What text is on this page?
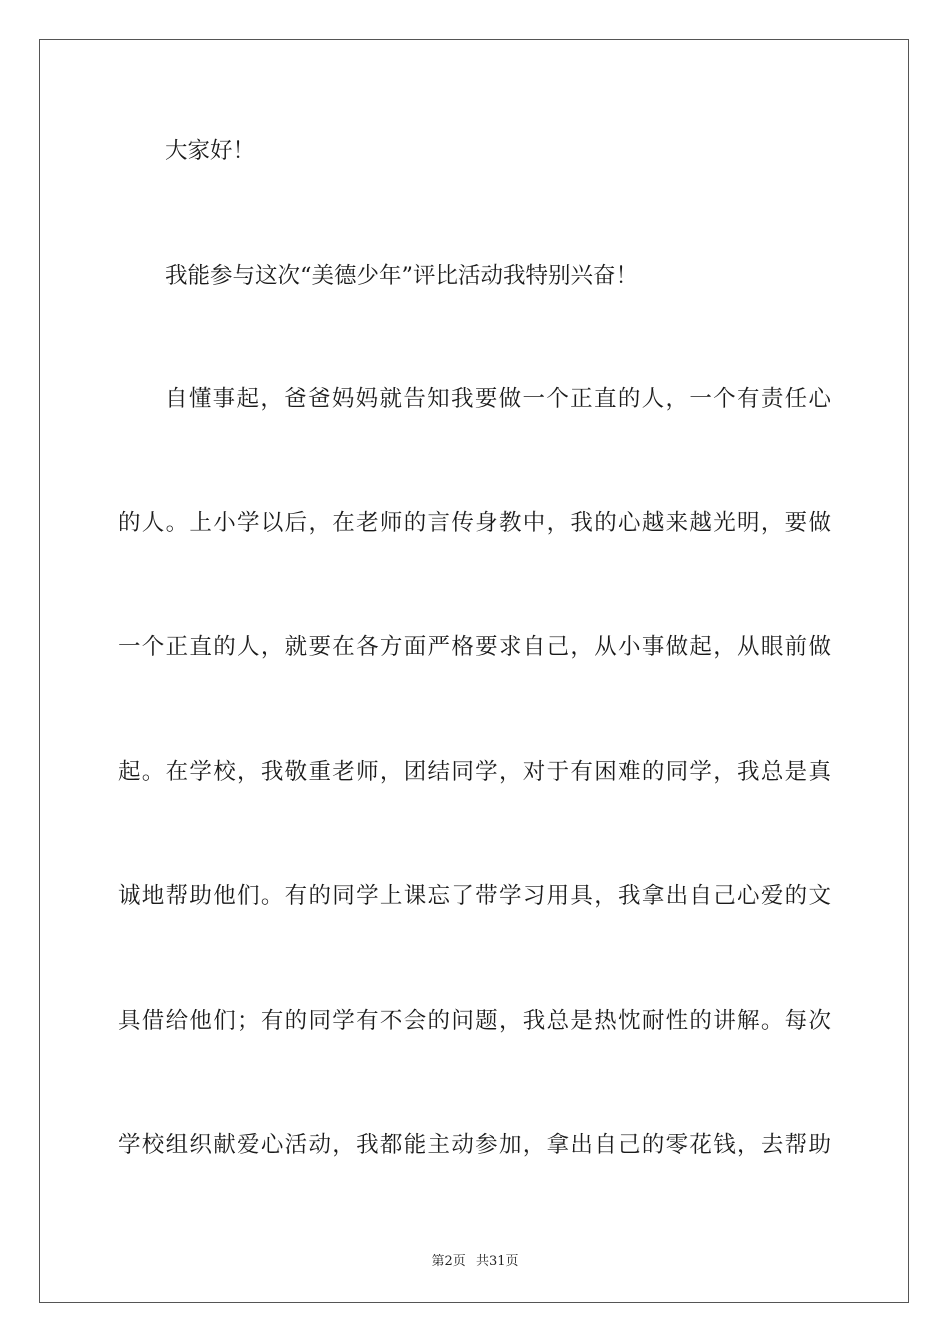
大家好！
我能参与这次“美德少年”评比活动我特别兴奋！
自懂事起，爸爸妈妈就告知我要做一个正直的人，一个有责任心
的人。上小学以后，在老师的言传身教中，我的心越来越光明，要做
一个正直的人，就要在各方面严格要求自己，从小事做起，从眼前做
起。在学校，我敬重老师，团结同学，对于有困难的同学，我总是真
诚地帮助他们。有的同学上课忘了带学习用具，我拿出自己心爱的文
具借给他们；有的同学有不会的问题，我总是热忱耐性的讲解。每次
学校组织献爱心活动，我都能主动参加，拿出自己的零花钱，去帮助
第2页 共31页
